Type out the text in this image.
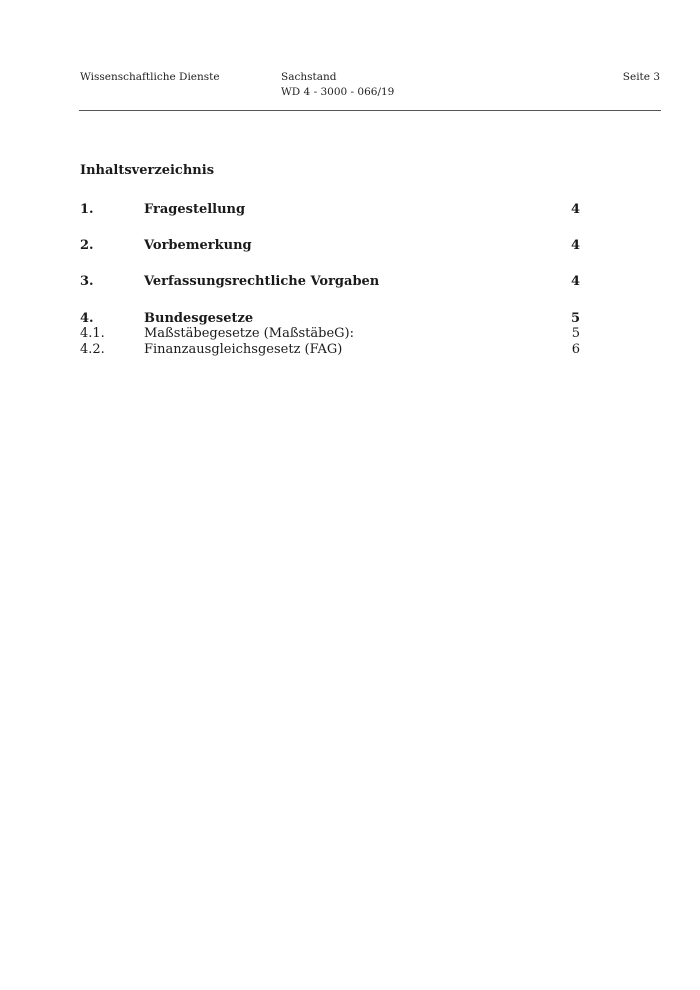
Wissenschaftliche Dienste	Sachstand
WD 4 - 3000 - 066/19
Seite 3
Inhaltsverzeichnis
1.	Fragestellung	4
2.	Vorbemerkung	4
3.	Verfassungsrechtliche Vorgaben	4
4.	Bundesgesetze	5
4.1.	Maßstäbegesetze (MaßstäbeG):	5
4.2.	Finanzausgleichsgesetz (FAG)	6
